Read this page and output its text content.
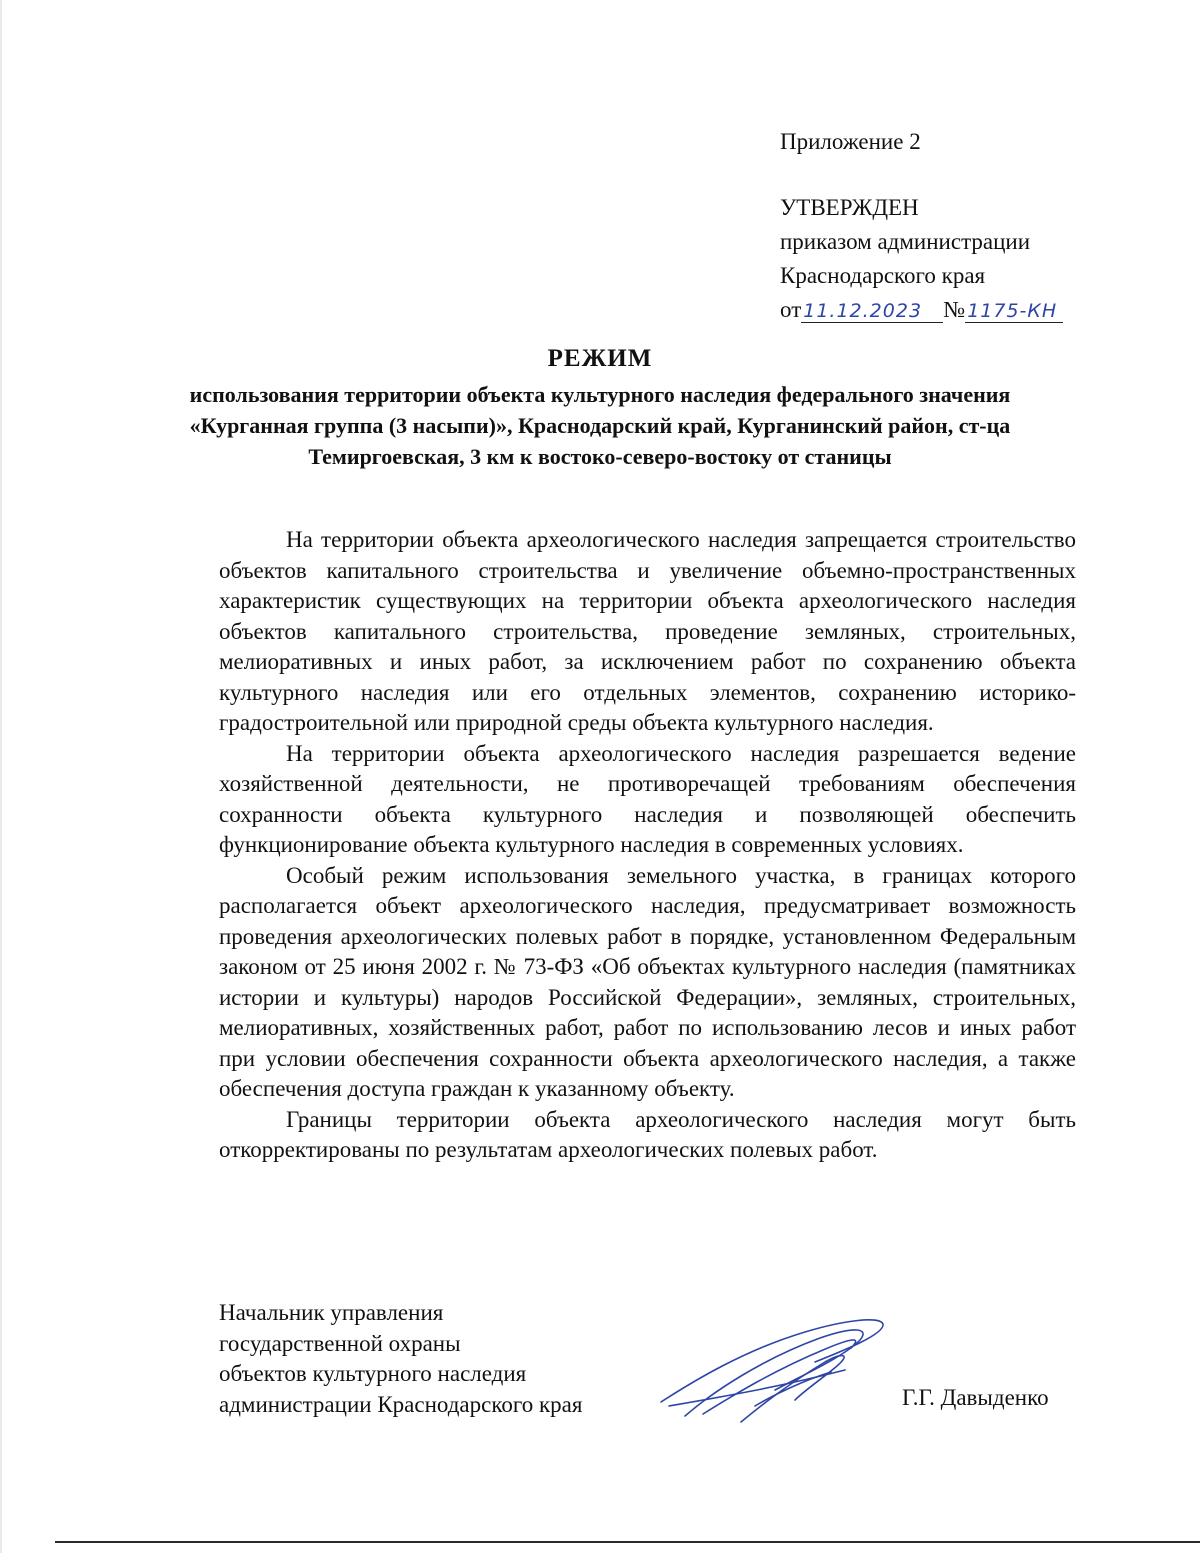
Приложение 2
УТВЕРЖДЕН
приказом администрации
Краснодарского края
от 11.12.2023 № 1175-КН
РЕЖИМ
использования территории объекта культурного наследия федерального значения «Курганная группа (3 насыпи)», Краснодарский край, Курганинский район, ст-ца Темиргоевская, 3 км к востоко-северо-востоку от станицы

На территории объекта археологического наследия запрещается строительство объектов капитального строительства и увеличение объемно-пространственных характеристик существующих на территории объекта археологического наследия объектов капитального строительства, проведение земляных, строительных, мелиоративных и иных работ, за исключением работ по сохранению объекта культурного наследия или его отдельных элементов, сохранению историко-градостроительной или природной среды объекта культурного наследия.

На территории объекта археологического наследия разрешается ведение хозяйственной деятельности, не противоречащей требованиям обеспечения сохранности объекта культурного наследия и позволяющей обеспечить функционирование объекта культурного наследия в современных условиях.

Особый режим использования земельного участка, в границах которого располагается объект археологического наследия, предусматривает возможность проведения археологических полевых работ в порядке, установленном Федеральным законом от 25 июня 2002 г. № 73-ФЗ «Об объектах культурного наследия (памятниках истории и культуры) народов Российской Федерации», земляных, строительных, мелиоративных, хозяйственных работ, работ по использованию лесов и иных работ при условии обеспечения сохранности объекта археологического наследия, а также обеспечения доступа граждан к указанному объекту.

Границы территории объекта археологического наследия могут быть откорректированы по результатам археологических полевых работ.

Начальник управления
государственной охраны
объектов культурного наследия
администрации Краснодарского края	Г.Г. Давыденко
